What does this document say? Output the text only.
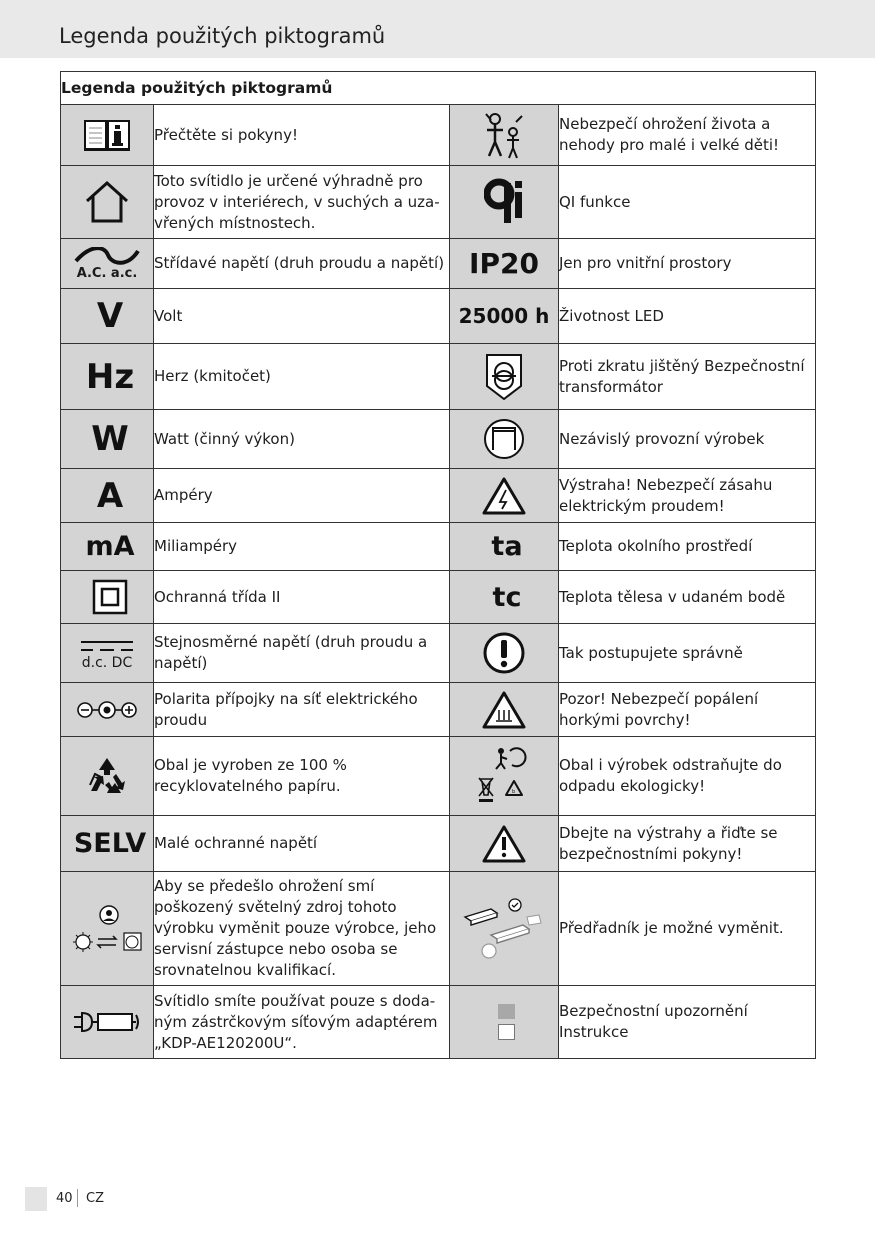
Legenda použitých piktogramů
Legenda použitých piktogramů			
	Přečtěte si pokyny!		Nebezpečí ohrožení života a nehody pro malé i velké děti!
	Toto svítidlo je určené výhradně pro provoz v interiérech, v suchých a uza-vřených místnostech.		QI funkce

A.C. a.c.	Střídavé napětí (druh proudu a napětí)	IP20	Jen pro vnitřní prostory
V	Volt	25000 h	Životnost LED
Hz	Herz (kmitočet)		Proti zkratu jištěný Bezpečnostní transformátor
W	Watt (činný výkon)		Nezávislý provozní výrobek
A	Ampéry		Výstraha! Nebezpečí zásahu elektrickým proudem!
mA	Miliampéry	ta	Teplota okolního prostředí
	Ochranná třída II	tc	Teplota tělesa v udaném bodě

d.c. DC	Stejnosměrné napětí (druh proudu a napětí)		Tak postupujete správně
	Polarita přípojky na síť elektrického proudu		Pozor! Nebezpečí popálení horkými povrchy!
	Obal je vyroben ze 100 % recyklovatelného papíru.	b	Obal i výrobek odstraňujte do odpadu ekologicky!
SELV	Malé ochranné napětí		Dbejte na výstrahy a řiďte se bezpečnostními pokyny!
	Aby se předešlo ohrožení smí poškozený světelný zdroj tohoto výrobku vyměnit pouze výrobce, jeho servisní zástupce nebo osoba se srovnatelnou kvalifikací.		Předřadník je možné vyměnit.
	Svítidlo smíte používat pouze s doda-ným zástrčkovým síťovým adaptérem „KDP-AE120200U“.		Bezpečnostní upozornění Instrukce
40 CZ
